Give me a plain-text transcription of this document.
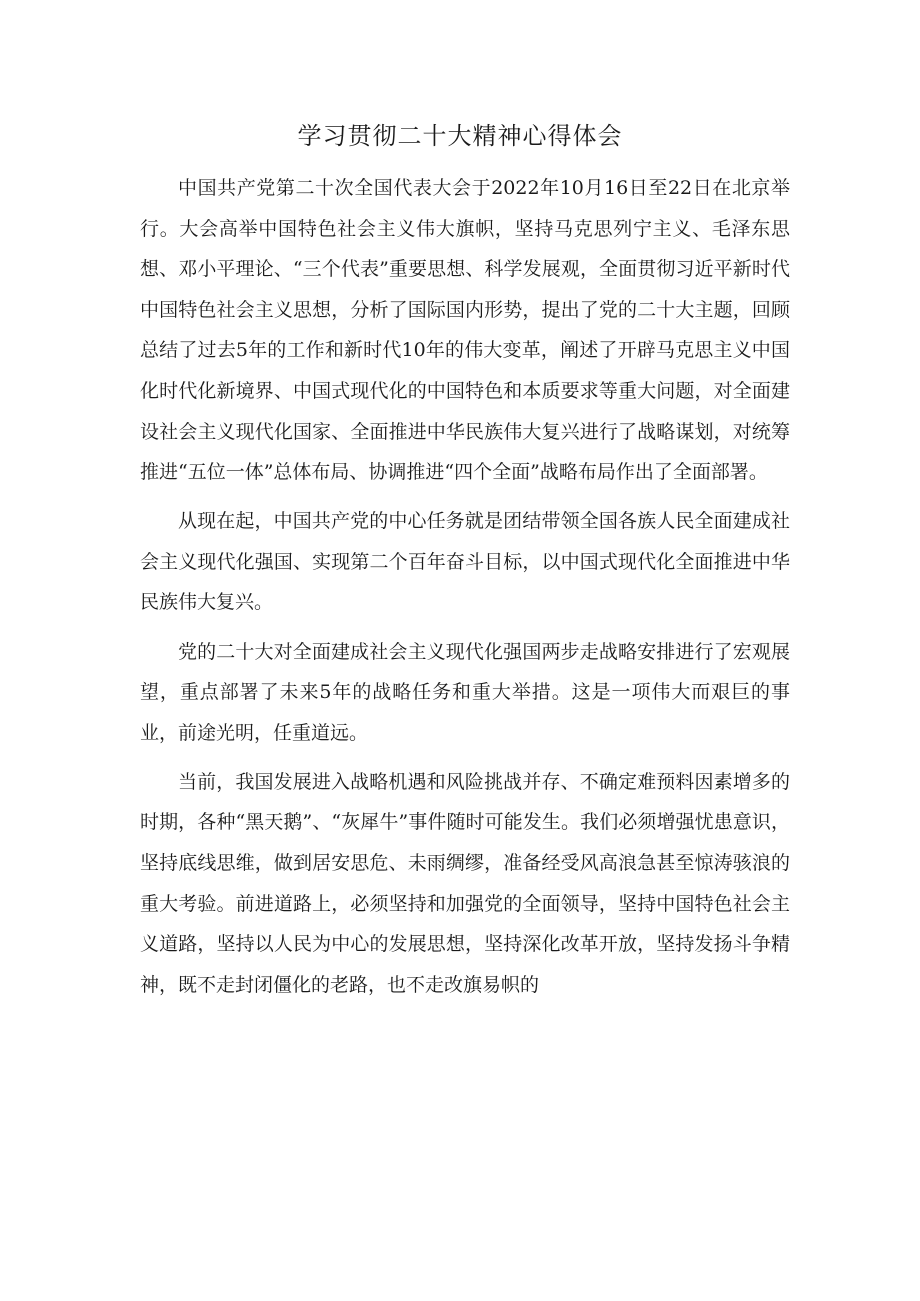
学习贯彻二十大精神心得体会

中国共产党第二十次全国代表大会于2022年10月16日至22日在北京举行。大会高举中国特色社会主义伟大旗帜，坚持马克思列宁主义、毛泽东思想、邓小平理论、“三个代表”重要思想、科学发展观，全面贯彻习近平新时代中国特色社会主义思想，分析了国际国内形势，提出了党的二十大主题，回顾总结了过去5年的工作和新时代10年的伟大变革，阐述了开辟马克思主义中国化时代化新境界、中国式现代化的中国特色和本质要求等重大问题，对全面建设社会主义现代化国家、全面推进中华民族伟大复兴进行了战略谋划，对统筹推进“五位一体”总体布局、协调推进“四个全面”战略布局作出了全面部署。

从现在起，中国共产党的中心任务就是团结带领全国各族人民全面建成社会主义现代化强国、实现第二个百年奋斗目标，以中国式现代化全面推进中华民族伟大复兴。

党的二十大对全面建成社会主义现代化强国两步走战略安排进行了宏观展望，重点部署了未来5年的战略任务和重大举措。这是一项伟大而艰巨的事业，前途光明，任重道远。

当前，我国发展进入战略机遇和风险挑战并存、不确定难预料因素增多的时期，各种“黑天鹅”、“灰犀牛”事件随时可能发生。我们必须增强忧患意识，坚持底线思维，做到居安思危、未雨绸缪，准备经受风高浪急甚至惊涛骇浪的重大考验。前进道路上，必须坚持和加强党的全面领导，坚持中国特色社会主义道路，坚持以人民为中心的发展思想，坚持深化改革开放，坚持发扬斗争精神，既不走封闭僵化的老路，也不走改旗易帜的
